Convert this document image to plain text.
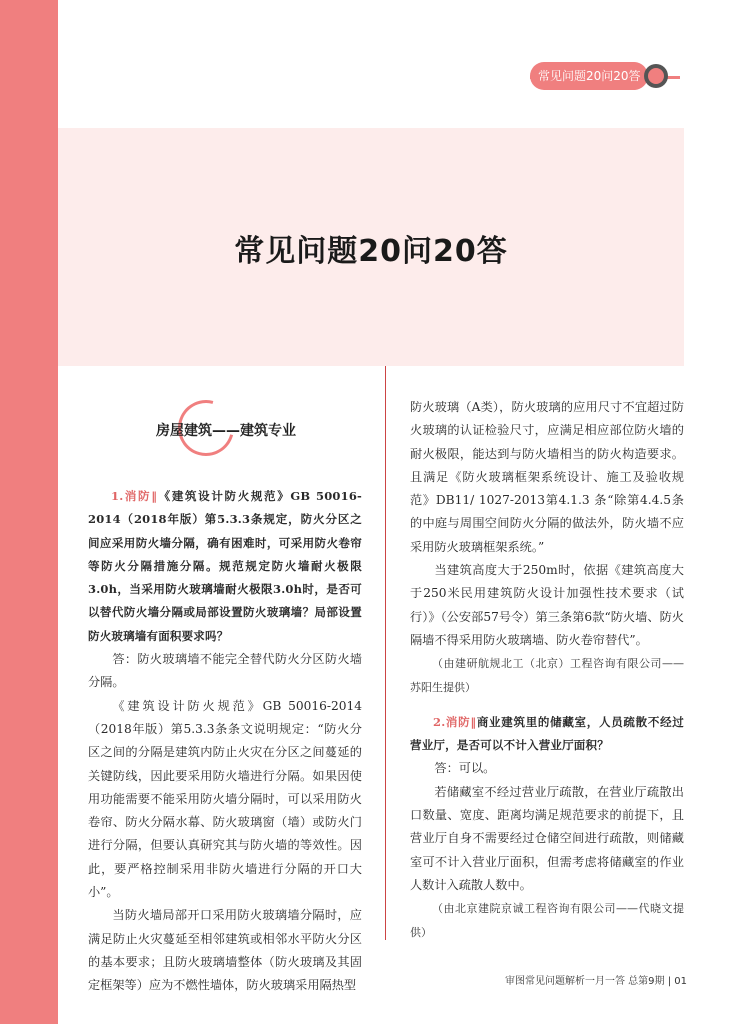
常见问题20问20答
常见问题20问20答
房屋建筑——建筑专业

1.消防‖《建筑设计防火规范》GB 50016-2014（2018年版）第5.3.3条规定，防火分区之间应采用防火墙分隔，确有困难时，可采用防火卷帘等防火分隔措施分隔。规范规定防火墙耐火极限3.0h，当采用防火玻璃墙耐火极限3.0h时，是否可以替代防火墙分隔或局部设置防火玻璃墙？局部设置防火玻璃墙有面积要求吗？

答：防火玻璃墙不能完全替代防火分区防火墙分隔。

《建筑设计防火规范》GB 50016-2014（2018年版）第5.3.3条条文说明规定：“防火分区之间的分隔是建筑内防止火灾在分区之间蔓延的关键防线，因此要采用防火墙进行分隔。如果因使用功能需要不能采用防火墙分隔时，可以采用防火卷帘、防火分隔水幕、防火玻璃窗（墙）或防火门进行分隔，但要认真研究其与防火墙的等效性。因此，要严格控制采用非防火墙进行分隔的开口大小”。

当防火墙局部开口采用防火玻璃墙分隔时，应满足防止火灾蔓延至相邻建筑或相邻水平防火分区的基本要求；且防火玻璃墙整体（防火玻璃及其固定框架等）应为不燃性墙体，防火玻璃采用隔热型

防火玻璃（A类），防火玻璃的应用尺寸不宜超过防火玻璃的认证检验尺寸，应满足相应部位防火墙的耐火极限，能达到与防火墙相当的防火构造要求。且满足《防火玻璃框架系统设计、施工及验收规范》DB11/ 1027-2013第4.1.3 条“除第4.4.5条的中庭与周围空间防火分隔的做法外，防火墙不应采用防火玻璃框架系统。”

当建筑高度大于250m时，依据《建筑高度大于250米民用建筑防火设计加强性技术要求（试行）》（公安部57号令）第三条第6款“防火墙、防火隔墙不得采用防火玻璃墙、防火卷帘替代”。

（由建研航规北工（北京）工程咨询有限公司——苏阳生提供）

2.消防‖商业建筑里的储藏室，人员疏散不经过营业厅，是否可以不计入营业厅面积？

答：可以。

若储藏室不经过营业厅疏散，在营业厅疏散出口数量、宽度、距离均满足规范要求的前提下，且营业厅自身不需要经过仓储空间进行疏散，则储藏室可不计入营业厅面积，但需考虑将储藏室的作业人数计入疏散人数中。

（由北京建院京诚工程咨询有限公司——代晓文提供）

审图常见问题解析一月一答 总第9期 | 01
